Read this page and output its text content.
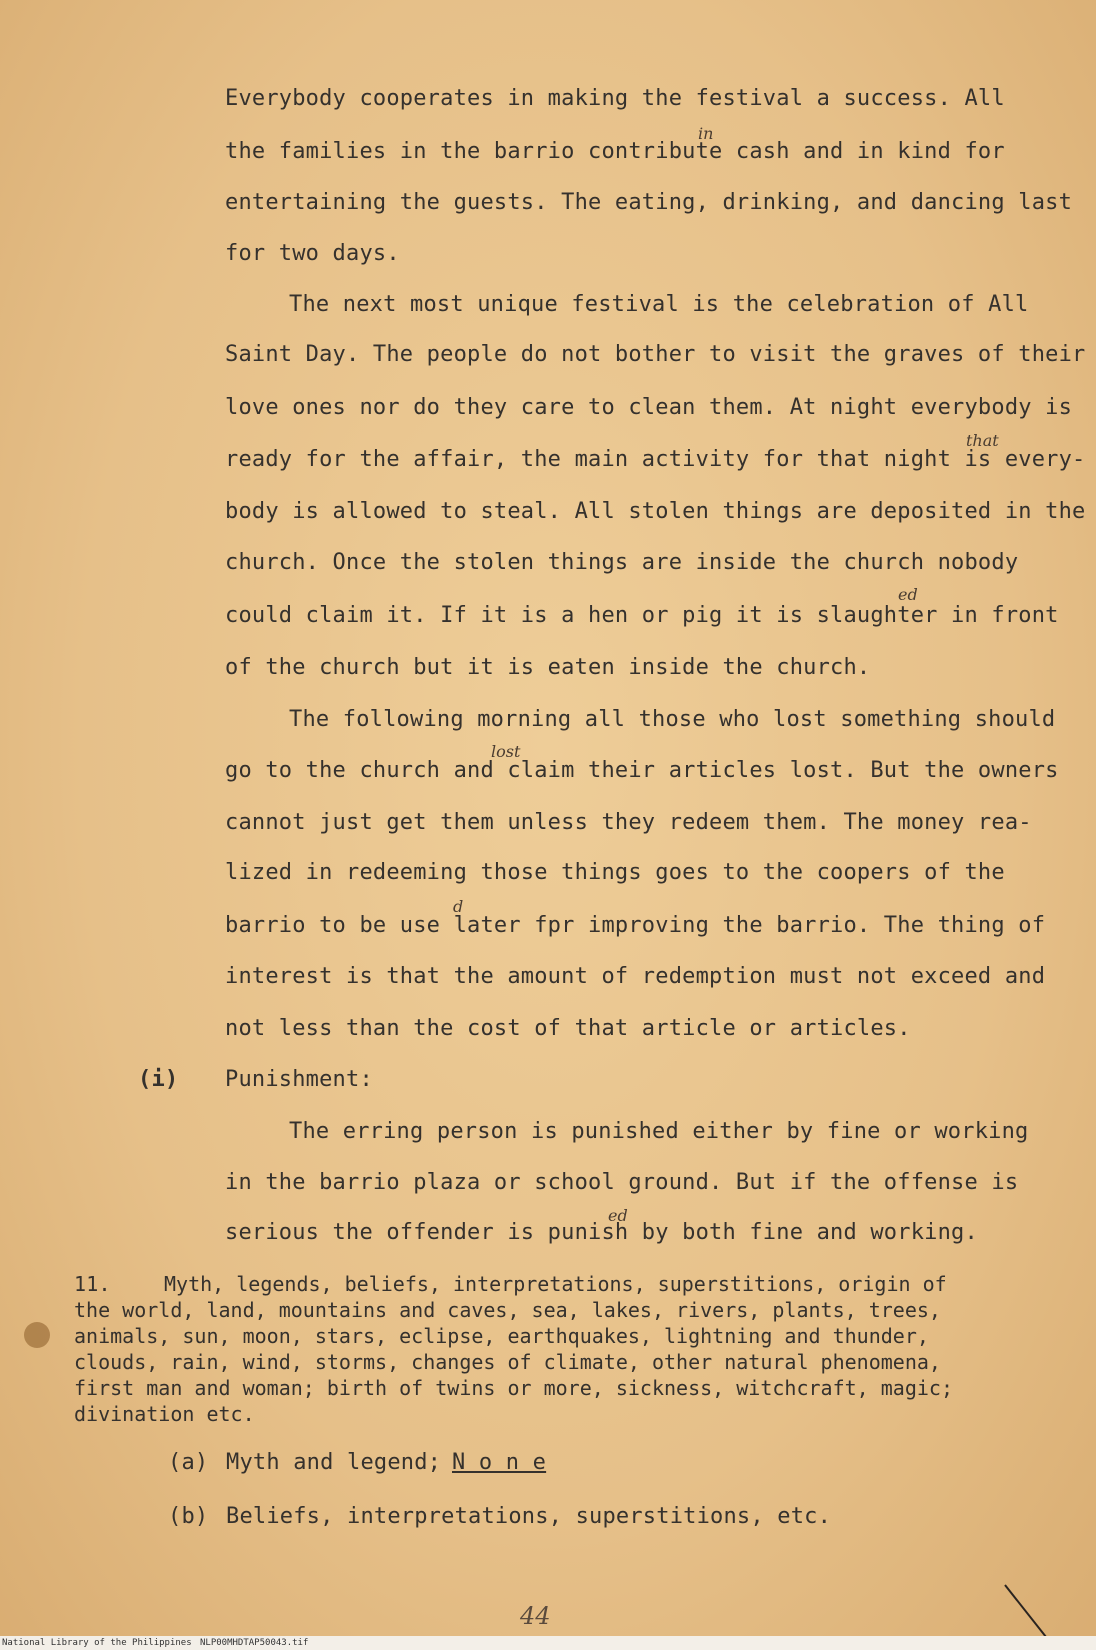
Everybody cooperates in making the festival a success. All
the families in the barrio contribute cash and in kind for
entertaining the guests. The eating, drinking, and dancing last
for two days.
The next most unique festival is the celebration of All
Saint Day. The people do not bother to visit the graves of their
love ones nor do they care to clean them. At night everybody is
ready for the affair, the main activity for that night is every-
body is allowed to steal. All stolen things are deposited in the
church. Once the stolen things are inside the church nobody
could claim it. If it is a hen or pig it is slaughter in front
of the church but it is eaten inside the church.
The following morning all those who lost something should
go to the church and claim their articles lost. But the owners
cannot just get them unless they redeem them. The money rea-
lized in redeeming those things goes to the coopers of the
barrio to be use later fpr improving the barrio. The thing of
interest is that the amount of redemption must not exceed and
not less than the cost of that article or articles.
(i) Punishment:
The erring person is punished either by fine or working
in the barrio plaza or school ground. But if the offense is
serious the offender is punish by both fine and working.
11.	Myth, legends, beliefs, interpretations, superstitions, origin of
the world, land, mountains and caves, sea, lakes, rivers, plants, trees,
animals, sun, moon, stars, eclipse, earthquakes, lightning and thunder,
clouds, rain, wind, storms, changes of climate, other natural phenomena,
first man and woman; birth of twins or more, sickness, witchcraft, magic;
divination etc.
(a) Myth and legend; N o n e
(b) Beliefs, interpretations, superstitions, etc.
in
that
ed
lost
d
ed
44
National Library of the Philippines NLP00MHDTAP50043.tif
